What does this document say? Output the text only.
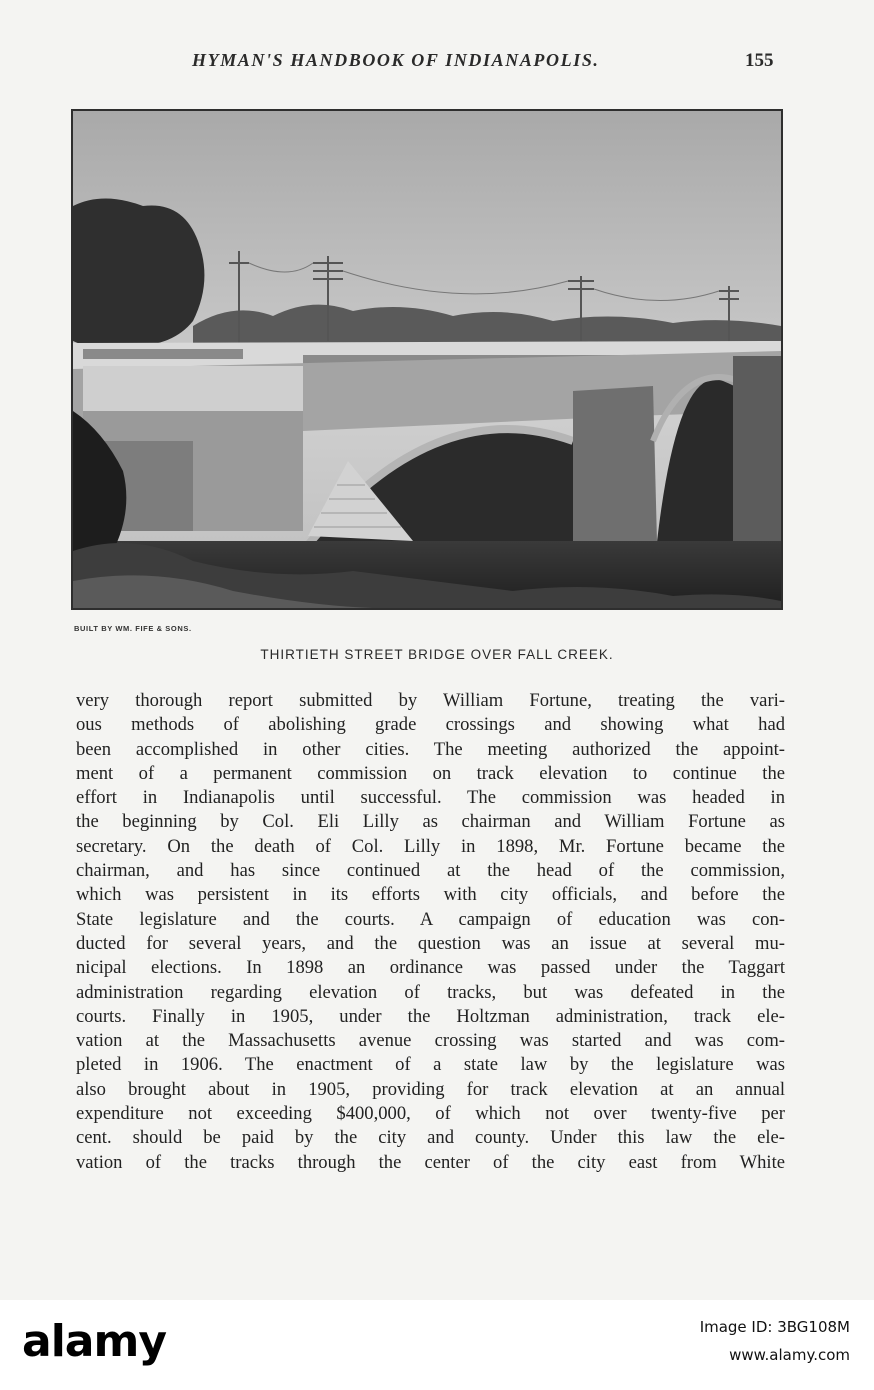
HYMAN'S HANDBOOK OF INDIANAPOLIS.	155
BUILT BY WM. FIFE & SONS.
THIRTIETH STREET BRIDGE OVER FALL CREEK.
very thorough report submitted by William Fortune, treating the vari-
ous methods of abolishing grade crossings and showing what had
been accomplished in other cities. The meeting authorized the appoint-
ment of a permanent commission on track elevation to continue the
effort in Indianapolis until successful. The commission was headed in
the beginning by Col. Eli Lilly as chairman and William Fortune as
secretary. On the death of Col. Lilly in 1898, Mr. Fortune became the
chairman, and has since continued at the head of the commission,
which was persistent in its efforts with city officials, and before the
State legislature and the courts. A campaign of education was con-
ducted for several years, and the question was an issue at several mu-
nicipal elections. In 1898 an ordinance was passed under the Taggart
administration regarding elevation of tracks, but was defeated in the
courts. Finally in 1905, under the Holtzman administration, track ele-
vation at the Massachusetts avenue crossing was started and was com-
pleted in 1906. The enactment of a state law by the legislature was
also brought about in 1905, providing for track elevation at an annual
expenditure not exceeding $400,000, of which not over twenty-five per
cent. should be paid by the city and county. Under this law the ele-
vation of the tracks through the center of the city east from White
alamy	Image ID: 3BG108M
www.alamy.com
